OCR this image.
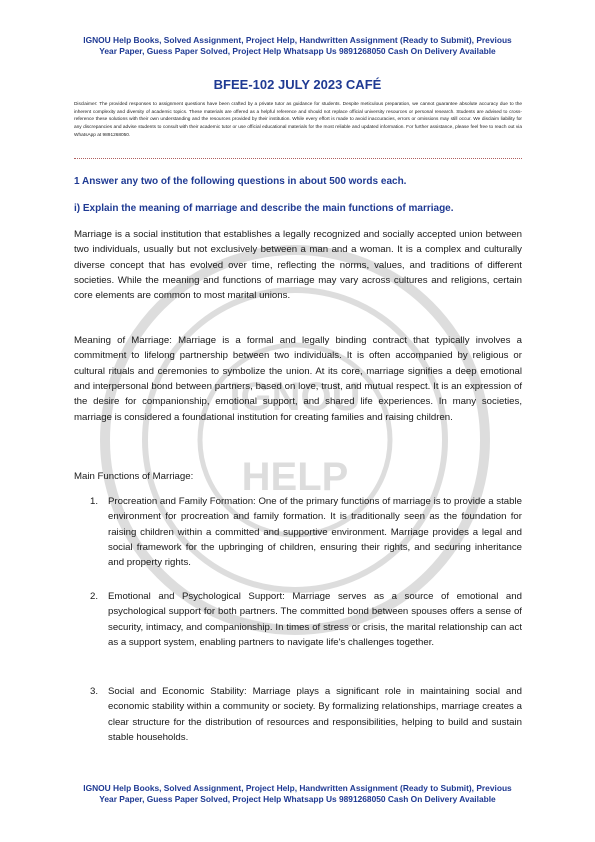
IGNOU
HELP
IGNOU Help Books, Solved Assignment, Project Help, Handwritten Assignment (Ready to Submit), Previous
Year Paper, Guess Paper Solved, Project Help Whatsapp Us 9891268050 Cash On Delivery Available
BFEE-102 JULY 2023 CAFÉ
Disclaimer: The provided responses to assignment questions have been crafted by a private tutor as guidance for students. Despite meticulous preparation, we cannot guarantee absolute accuracy due to the inherent complexity and diversity of academic topics. These materials are offered as a helpful reference and should not replace official university resources or personal research. Students are advised to cross-reference these solutions with their own understanding and the resources provided by their institution. While every effort is made to avoid inaccuracies, errors or omissions may still occur. We disclaim liability for any discrepancies and advise students to consult with their academic tutor or use official educational materials for the most reliable and updated information. For further assistance, please feel free to reach out via WhatsApp at 9891268050.
1 Answer any two of the following questions in about 500 words each.
i) Explain the meaning of marriage and describe the main functions of marriage.
Marriage is a social institution that establishes a legally recognized and socially accepted union between two individuals, usually but not exclusively between a man and a woman. It is a complex and culturally diverse concept that has evolved over time, reflecting the norms, values, and traditions of different societies. While the meaning and functions of marriage may vary across cultures and religions, certain core elements are common to most marital unions.
Meaning of Marriage: Marriage is a formal and legally binding contract that typically involves a commitment to lifelong partnership between two individuals. It is often accompanied by religious or cultural rituals and ceremonies to symbolize the union. At its core, marriage signifies a deep emotional and interpersonal bond between partners, based on love, trust, and mutual respect. It is an expression of the desire for companionship, emotional support, and shared life experiences. In many societies, marriage is considered a foundational institution for creating families and raising children.
Main Functions of Marriage:
1. Procreation and Family Formation: One of the primary functions of marriage is to provide a stable environment for procreation and family formation. It is traditionally seen as the foundation for raising children within a committed and supportive environment. Marriage provides a legal and social framework for the upbringing of children, ensuring their rights, and securing inheritance and property rights.
2. Emotional and Psychological Support: Marriage serves as a source of emotional and psychological support for both partners. The committed bond between spouses offers a sense of security, intimacy, and companionship. In times of stress or crisis, the marital relationship can act as a support system, enabling partners to navigate life's challenges together.
3. Social and Economic Stability: Marriage plays a significant role in maintaining social and economic stability within a community or society. By formalizing relationships, marriage creates a clear structure for the distribution of resources and responsibilities, helping to build and sustain stable households.
IGNOU Help Books, Solved Assignment, Project Help, Handwritten Assignment (Ready to Submit), Previous
Year Paper, Guess Paper Solved, Project Help Whatsapp Us 9891268050 Cash On Delivery Available
